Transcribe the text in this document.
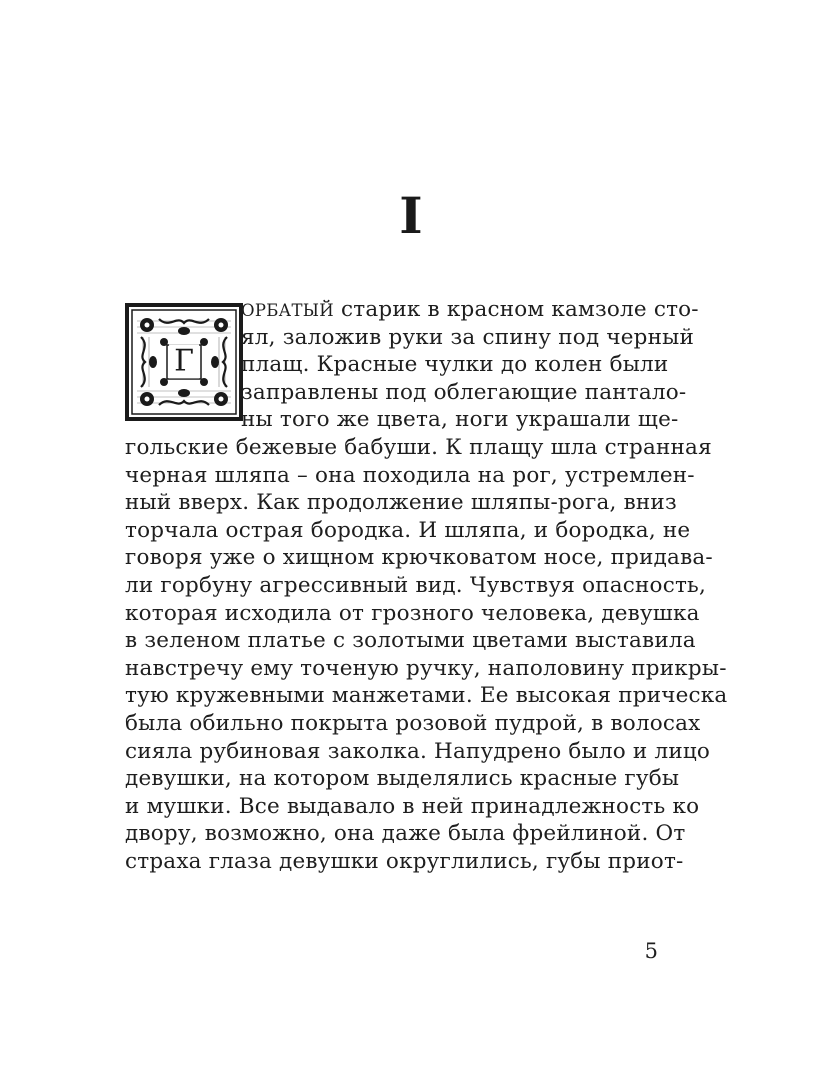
I
Г
ОРБАТЫЙ старик в красном камзоле сто-
ял, заложив руки за спину под черный
плащ. Красные чулки до колен были
заправлены под облегающие пантало-
ны того же цвета, ноги украшали ще-
гольские бежевые бабуши. К плащу шла странная
черная шляпа – она походила на рог, устремлен-
ный вверх. Как продолжение шляпы-рога, вниз
торчала острая бородка. И шляпа, и бородка, не
говоря уже о хищном крючковатом носе, придава-
ли горбуну агрессивный вид. Чувствуя опасность,
которая исходила от грозного человека, девушка
в зеленом платье с золотыми цветами выставила
навстречу ему точеную ручку, наполовину прикры-
тую кружевными манжетами. Ее высокая прическа
была обильно покрыта розовой пудрой, в волосах
сияла рубиновая заколка. Напудрено было и лицо
девушки, на котором выделялись красные губы
и мушки. Все выдавало в ней принадлежность ко
двору, возможно, она даже была фрейлиной. От
страха глаза девушки округлились, губы приот-
5
